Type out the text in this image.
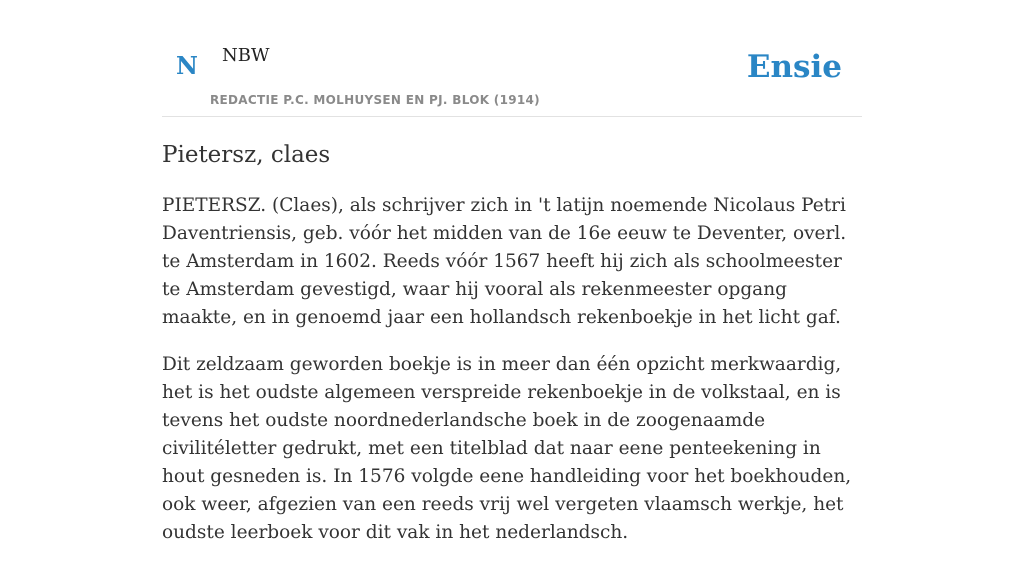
N NBW
REDACTIE P.C. MOLHUYSEN EN PJ. BLOK (1914)
Ensie
Pietersz, claes

PIETERSZ. (Claes), als schrijver zich in 't latijn noemende Nicolaus Petri Daventriensis, geb. vóór het midden van de 16e eeuw te Deventer, overl. te Amsterdam in 1602. Reeds vóór 1567 heeft hij zich als schoolmeester te Amsterdam gevestigd, waar hij vooral als rekenmeester opgang maakte, en in genoemd jaar een hollandsch rekenboekje in het licht gaf.

Dit zeldzaam geworden boekje is in meer dan één opzicht merkwaardig, het is het oudste algemeen verspreide rekenboekje in de volkstaal, en is tevens het oudste noordnederlandsche boek in de zoogenaamde civilitéletter gedrukt, met een titelblad dat naar eene penteekening in hout gesneden is. In 1576 volgde eene handleiding voor het boekhouden, ook weer, afgezien van een reeds vrij wel vergeten vlaamsch werkje, het oudste leerboek voor dit vak in het nederlandsch.
